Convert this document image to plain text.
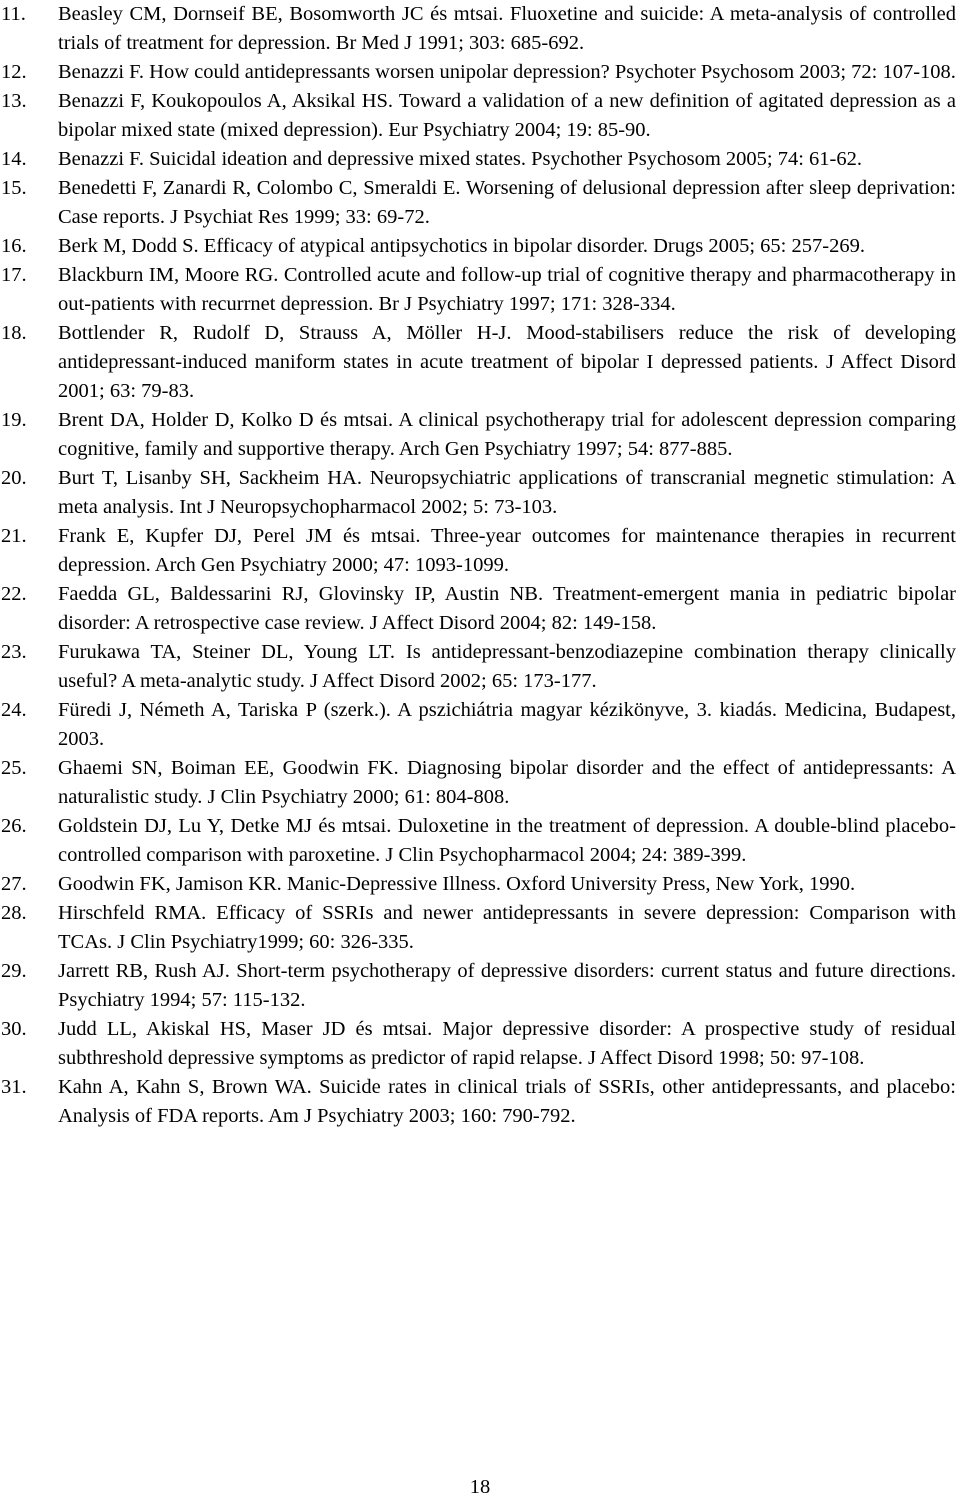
11. Beasley CM, Dornseif BE, Bosomworth JC és mtsai. Fluoxetine and suicide: A meta-analysis of controlled trials of treatment for depression. Br Med J 1991; 303: 685-692.
12. Benazzi F. How could antidepressants worsen unipolar depression? Psychoter Psychosom 2003; 72: 107-108.
13. Benazzi F, Koukopoulos A, Aksikal HS. Toward a validation of a new definition of agitated depression as a bipolar mixed state (mixed depression). Eur Psychiatry 2004; 19: 85-90.
14. Benazzi F. Suicidal ideation and depressive mixed states. Psychother Psychosom 2005; 74: 61-62.
15. Benedetti F, Zanardi R, Colombo C, Smeraldi E. Worsening of delusional depression after sleep deprivation: Case reports. J Psychiat Res 1999; 33: 69-72.
16. Berk M, Dodd S. Efficacy of atypical antipsychotics in bipolar disorder. Drugs 2005; 65: 257-269.
17. Blackburn IM, Moore RG. Controlled acute and follow-up trial of cognitive therapy and pharmacotherapy in out-patients with recurrnet depression. Br J Psychiatry 1997; 171: 328-334.
18. Bottlender R, Rudolf D, Strauss A, Möller H-J. Mood-stabilisers reduce the risk of developing antidepressant-induced maniform states in acute treatment of bipolar I depressed patients. J Affect Disord 2001; 63: 79-83.
19. Brent DA, Holder D, Kolko D és mtsai. A clinical psychotherapy trial for adolescent depression comparing cognitive, family and supportive therapy. Arch Gen Psychiatry 1997; 54: 877-885.
20. Burt T, Lisanby SH, Sackheim HA. Neuropsychiatric applications of transcranial megnetic stimulation: A meta analysis. Int J Neuropsychopharmacol 2002; 5: 73-103.
21. Frank E, Kupfer DJ, Perel JM és mtsai. Three-year outcomes for maintenance therapies in recurrent depression. Arch Gen Psychiatry 2000; 47: 1093-1099.
22. Faedda GL, Baldessarini RJ, Glovinsky IP, Austin NB. Treatment-emergent mania in pediatric bipolar disorder: A retrospective case review. J Affect Disord 2004; 82: 149-158.
23. Furukawa TA, Steiner DL, Young LT. Is antidepressant-benzodiazepine combination therapy clinically useful? A meta-analytic study. J Affect Disord 2002; 65: 173-177.
24. Füredi J, Németh A, Tariska P (szerk.). A pszichiátria magyar kézikönyve, 3. kiadás. Medicina, Budapest, 2003.
25. Ghaemi SN, Boiman EE, Goodwin FK. Diagnosing bipolar disorder and the effect of antidepressants: A naturalistic study. J Clin Psychiatry 2000; 61: 804-808.
26. Goldstein DJ, Lu Y, Detke MJ és mtsai. Duloxetine in the treatment of depression. A double-blind placebo-controlled comparison with paroxetine. J Clin Psychopharmacol 2004; 24: 389-399.
27. Goodwin FK, Jamison KR. Manic-Depressive Illness. Oxford University Press, New York, 1990.
28. Hirschfeld RMA. Efficacy of SSRIs and newer antidepressants in severe depression: Comparison with TCAs. J Clin Psychiatry1999; 60: 326-335.
29. Jarrett RB, Rush AJ. Short-term psychotherapy of depressive disorders: current status and future directions. Psychiatry 1994; 57: 115-132.
30. Judd LL, Akiskal HS, Maser JD és mtsai. Major depressive disorder: A prospective study of residual subthreshold depressive symptoms as predictor of rapid relapse. J Affect Disord 1998; 50: 97-108.
31. Kahn A, Kahn S, Brown WA. Suicide rates in clinical trials of SSRIs, other antidepressants, and placebo: Analysis of FDA reports. Am J Psychiatry 2003; 160: 790-792.
18
